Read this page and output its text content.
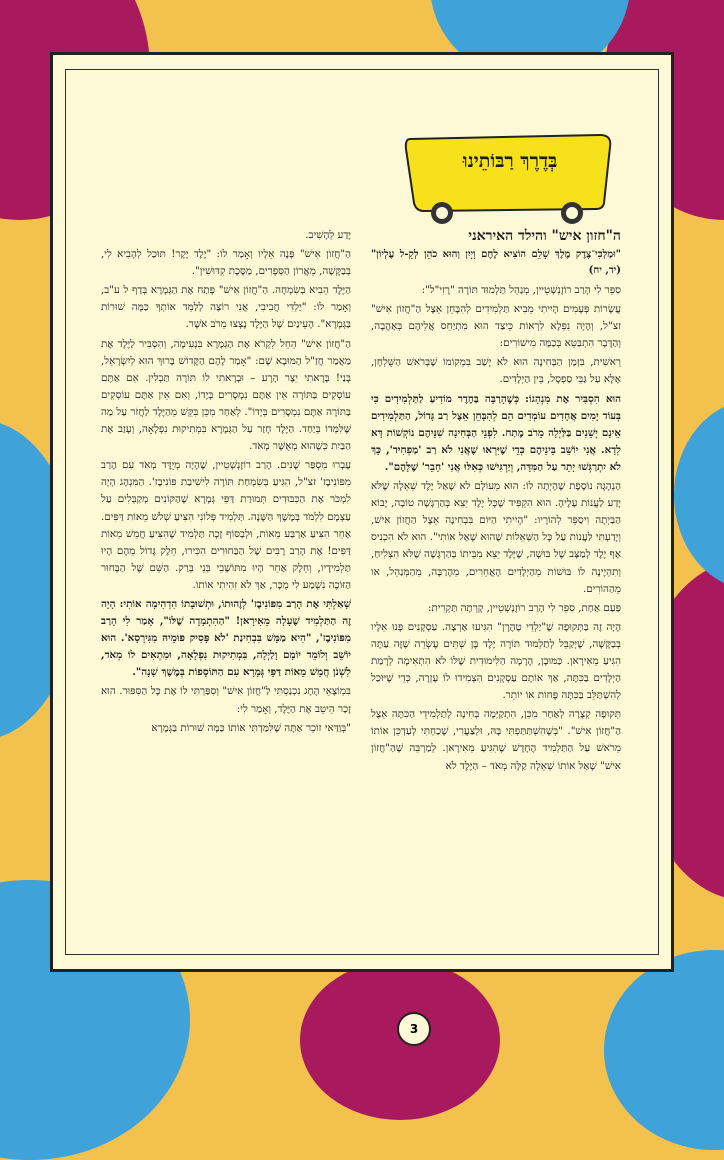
בְּדֶרֶךְ רַבּוֹתֵינוּ
ה"חזון איש" והילד האיראני
"וּמַלְכִּי־צֶדֶק מֶלֶךְ שָׁלֵם הוֹצִיא לֶחֶם וָיָיִן וְהוּא כֹהֵן לְקֵ-ל עֶלְיוֹן" (יד, יח)

סִפֵּר לִי הָרַב רוֹזֶנְשְׁטֵיין, מְנַהֵל תַּלְמוּד תּוֹרָה "רָזִי"ל":

עֲשָׂרוֹת פְּעָמִים הָיִיתִי מֵבִיא תַּלְמִידִים לְהִבָּחֵן אֵצֶל הַ"חֲזוֹן אִישׁ" זצ"ל, וְהָיָה נִפְלָא לִרְאוֹת כֵּיצַד הוּא מִתְיַחֵס אֲלֵיהֶם בְּאַהֲבָה, וְהַדָּבָר הִתְבַּטֵּא בְּכַמָּה מִישׁוֹרִים:

רֵאשִׁית, בִּזְמַן הַבְּחִינָה הוּא לֹא יָשַׁב בִּמְקוֹמוֹ שֶׁבְּרֹאשׁ הַשֻּׁלְחָן, אֶלָּא עַל גַּבֵּי סַפְסָל, בֵּין הַיְלָדִים.

הוּא הִסְבִּיר אֶת מִנְהָגוֹ: כְּשֶׁהָרַבָּה בַּחֶדֶר מוֹדִיעַ לַתַּלְמִידִים כִּי בְּעוֹד יָמִים אֲחָדִים עוֹמְדִים הֵם לְהִבָּחֵן אֵצֶל רַב גָּדוֹל, הַתַּלְמִידִים אֵינָם יְשֵׁנִים בַּלַּיְלָה מֵרֹב מֶתַח. לִפְנֵי הַבְּחִינָה שִׁנֵּיהֶם נוֹקְשׁוֹת דָּא לְדָא. אֲנִי יוֹשֵׁב בֵּינֵיהֶם כְּדֵי שֶׁיִּרְאוּ שֶׁאֲנִי לֹא רַב 'מַפְחִיד', כָּךְ לֹא יִתְרַגְּשׁוּ יָתֵר עַל הַמִּדָּה, וְיַרְגִּישׁוּ כְּאִלּוּ אֲנִי 'חָבֵר' שֶׁלָּהֶם".

הַנְהָגָה נוֹסֶפֶת שֶׁהָיְתָה לוֹ: הוּא מֵעוֹלָם לֹא שָׁאַל יֶלֶד שְׁאֵלָה שֶׁלֹּא יָדַע לַעֲנוֹת עָלֶיהָ. הוּא הִקְפִּיד שֶׁכָּל יֶלֶד יֵצֵא בְּהַרְגָּשָׁה טוֹבָה, יָבוֹא הַבַּיְתָה וִיסַפֵּר לְהוֹרָיו: "הָיִיתִי הַיּוֹם בִּבְחִינָה אֵצֶל הַחֲזוֹן אִישׁ, וְיָדַעְתִּי לַעֲנוֹת עַל כָּל הַשְּׁאֵלוֹת שֶׁהוּא שָׁאַל אוֹתִי". הוּא לֹא הִכְנִיס אַף יֶלֶד לְמַצָּב שֶׁל בּוּשָׁה, שֶׁיֶּלֶד יֵצֵא מִבֵּיתוֹ בְּהַרְגָּשָׁה שֶׁלֹּא הִצְלִיחַ, וְתִהְיֶינָה לוֹ בּוּשׁוֹת מֵהַיְלָדִים הָאֲחֵרִים, מֵהָרַבָּה, מֵהַמְּנַהֵל, או מֵהַהוֹרִים.

פַּעַם אַחַת, סִפֵּר לִי הָרַב רוֹזֶנְשְׁטֵיין, קָרְתָה תַּקְרִית:

הָיָה זֶה בַּתְּקוּפָה שֶׁ"יַלְדֵי טֶהֶרָן" הִגִּיעוּ אַרְצָה. עַסְקָנִים פָּנוּ אֵלָיו בְּבַקָּשָׁה, שֶׁיְּקַבֵּל לְתַלְמוּד תּוֹרָה יֶלֶד בֶּן שְׁתֵּים עֶשְׂרֵה שֶׁזֶּה עַתָּה הִגִּיעַ מֵאִירָאן. כַּמּוּבָן, הָרָמָה הַלִּימוּדִית שֶׁלּוֹ לֹא הִתְאִימָה לְרָמַת הַיְלָדִים בַּכִּתָּה, אַךְ אוֹתָם עַסְקָנִים הִצְמִידוּ לוֹ עֶזְרָה, כְּדֵי שֶׁיּוּכַל לְהִשְׁתַּלֵּב בַּכִּתָּה פָּחוֹת אוֹ יוֹתֵר.

תְּקוּפָה קְצָרָה לְאַחַר מִכֵּן, הִתְקַיְּמָה בְּחִינָה לְתַלְמִידֵי הַכִּתָּה אֵצֶל הַ"חֲזוֹן אִישׁ". "בְּשֶׁהִשְׁתַּתַּפְתִּי בָּהּ, וּלְצַעֲרִי, שָׁכַחְתִּי לְעַדְכֵּן אוֹתוֹ מֵרֹאשׁ עַל הַתַּלְמִיד הֶחָדָשׁ שֶׁהִגִּיעַ מֵאִירָאן. לְמַרְבֵּה שֶׁהַ"חֲזוֹן אִישׁ" שָׁאַל אוֹתוֹ שְׁאֵלָה קַלָּה מְאֹד – הַיֶּלֶד לֹא

יָדַע לְהָשִׁיב.

הַ"חֲזוֹן אִישׁ" פָּנָה אֵלָיו וְאָמַר לוֹ: "יֶלֶד יָקָר! תּוּכַל לְהָבִיא לִי, בְּבַקָּשָׁה, מֵאֲרוֹן הַסְּפָרִים, מַסֶּכֶת קִדּוּשִׁין".

הַיֶּלֶד הֵבִיא בְּשִׂמְחָה. הַ"חֲזוֹן אִישׁ" פָּתַח אֶת הַגְּמָרָא בְּדַף ל ע"ב, וְאָמַר לוֹ: "יַלְדִּי חֲבִיבִי, אֲנִי רוֹצֶה לְלַמֵּד אוֹתְךָ כַּמָּה שׁוּרוֹת בַּגְּמָרָא". הָעֵינַיִם שֶׁל הַיֶּלֶד נָצְצוּ מֵרֹב אֹשֶׁר.

הַ"חֲזוֹן אִישׁ" הֵחֵל לִקְרֹא אֶת הַגְּמָרָא בִּנְעִימָה, וְהִסְבִּיר לַיֶּלֶד אֶת מַאֲמַר חֲזַ"ל הַמּוּבָא שָׁם: "אָמַר לָהֶם הַקָּדוֹשׁ בָּרוּךְ הוּא לְיִשְׂרָאֵל, בָּנַי! בָּרָאתִי יֵצֶר הָרָע – וּבָרָאתִי לוֹ תּוֹרָה תַּבְלִין. אִם אַתֶּם עוֹסְקִים בַּתּוֹרָה אֵין אַתֶּם נִמְסָרִים בְּיָדוֹ, וְאִם אֵין אַתֶּם עוֹסְקִים בַּתּוֹרָה אַתֶּם נִמְסָרִים בְּיָדוֹ". לְאַחַר מִכֵּן בִּקֵּשׁ מֵהַיֶּלֶד לַחֲזֹר עַל מַה שֶּׁלִּמְּדוֹ בְּיַחַד. הַיֶּלֶד חָזַר עַל הַגְּמָרָא בִּמְתִיקוּת נִפְלָאָה, וְעָזַב אֶת הַבַּיִת כְּשֶׁהוּא מְאֻשָּׁר מְאֹד.

עָבְרוּ מִסְפַּר שָׁנִים. הָרַב רוֹזֶנְשְׁטֵיין, שֶׁהָיָה מְיֻדָּד מְאֹד עִם הָרַב מִפּוֹנִיבֶז' זצ"ל, הִגִּיעַ בְּשִׂמְחַת תּוֹרָה לִישִׁיבַת פּוֹנִיבֶז'. הַמִּנְהָג הָיָה לִמְכֹּר אֶת הַכִּבּוּדִים תְּמוּרַת דַּפֵּי גְּמָרָא שֶׁהַקּוֹנִים מְקַבְּלִים עַל עַצְמָם לִלְמֹד בְּמֶשֶׁךְ הַשָּׁנָה. תַּלְמִיד פְּלוֹנִי הִצִּיעַ שְׁלֹשׁ מֵאוֹת דַּפִּים. אַחֵר הִצִּיעַ אַרְבַּע מֵאוֹת, וּלְבַסּוֹף זָכָה תַּלְמִיד שֶׁהִצִּיעַ חֲמֵשׁ מֵאוֹת דַּפִּים! אֶת הָרַב רָבִּים שֶׁל הַבַּחוּרִים הִכִּירוּ, חֵלֶק גָּדוֹל מֵהֶם הָיוּ תַּלְמִידָיו, וְחֵלֶק אַחֵר הָיוּ מִתּוֹשָׁבֵי בְּנֵי בְּרַק. הַשֵּׁם שֶׁל הַבָּחוּר הַזּוֹכֶה נִשְׁמַע לִי מֻכָּר, אַךְ לֹא זִהִיתִי אוֹתוֹ.

שָׁאַלְתִּי אֶת הָרַב מִפּוֹנִיבֶז' לְזֶהוּתוֹ, וּתְשׁוּבָתוֹ הִדְהִימָה אוֹתִי: הָיָה זֶה הַתַּלְמִיד שֶׁעָלָה מֵאִירָאן! "הַהִתְמָדָה שֶׁלּוֹ", אָמַר לִי הָרַב מִפּוֹנִיבֶז', "הִיא מַמָּשׁ בִּבְחִינַת 'לֹא פָּסִיק פּוּמֵיהּ מִגִּירְסָא'. הוּא יוֹשֵׁב וְלוֹמֵד יוֹמָם וָלַיְלָה, בִּמְתִיקוּת נִפְלָאָה, וּמִתְאִים לוֹ מְאֹד, לִשְׁנֹן חֲמֵשׁ מֵאוֹת דַּפֵּי גְּמָרָא עִם הַתּוֹסָפוֹת בְּמֶשֶׁךְ שָׁנָה".

בִּמְוֹצָאֵי הֶחָג נִכְנַסְתִּי לַ"חֲזוֹן אִישׁ" וְסִפַּרְתִּי לוֹ אֶת כָּל הַסִּפּוּר. הוּא זָכַר הֵיטֵב אֶת הַיֶּלֶד, וְאָמַר לִי:

"בְּוַדַּאי זוֹכֵר אַתָּה שֶׁלִּמַּדְתִּי אוֹתוֹ כַּמָּה שׁוּרוֹת בַּגְּמָרָא

3
